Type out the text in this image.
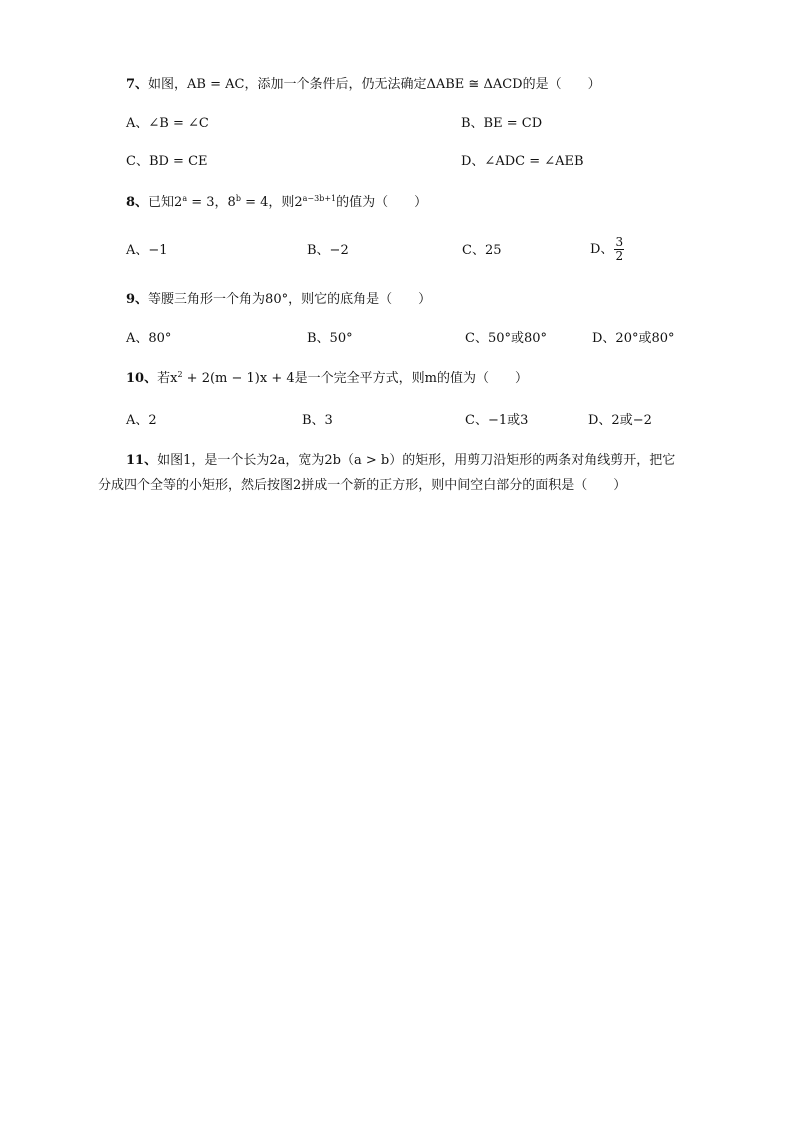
7、如图，AB = AC，添加一个条件后，仍无法确定ΔABE ≅ ΔACD的是（　　）
A、∠B = ∠C	B、BE = CD
C、BD = CE	D、∠ADC = ∠AEB
8、已知$2^a = 3$，$8^b = 4$，则$2^{a-3b+1}$的值为（　　）
A、−1	B、−2	C、25	D、 $\frac{3}{2}$
9、等腰三角形一个角为80°，则它的底角是（　　）
A、80°	B、50°	C、50°或80°	D、20°或80°
10、若$x^2 + 2(m - 1)x + 4$是一个完全平方式，则m的值为（　　）
A、2	B、3	C、−1或3	D、2或−2
11、如图1，是一个长为2a，宽为2b（a > b）的矩形，用剪刀沿矩形的两条对角线剪开，把它
分成四个全等的小矩形，然后按图2拼成一个新的正方形，则中间空白部分的面积是（　　）
